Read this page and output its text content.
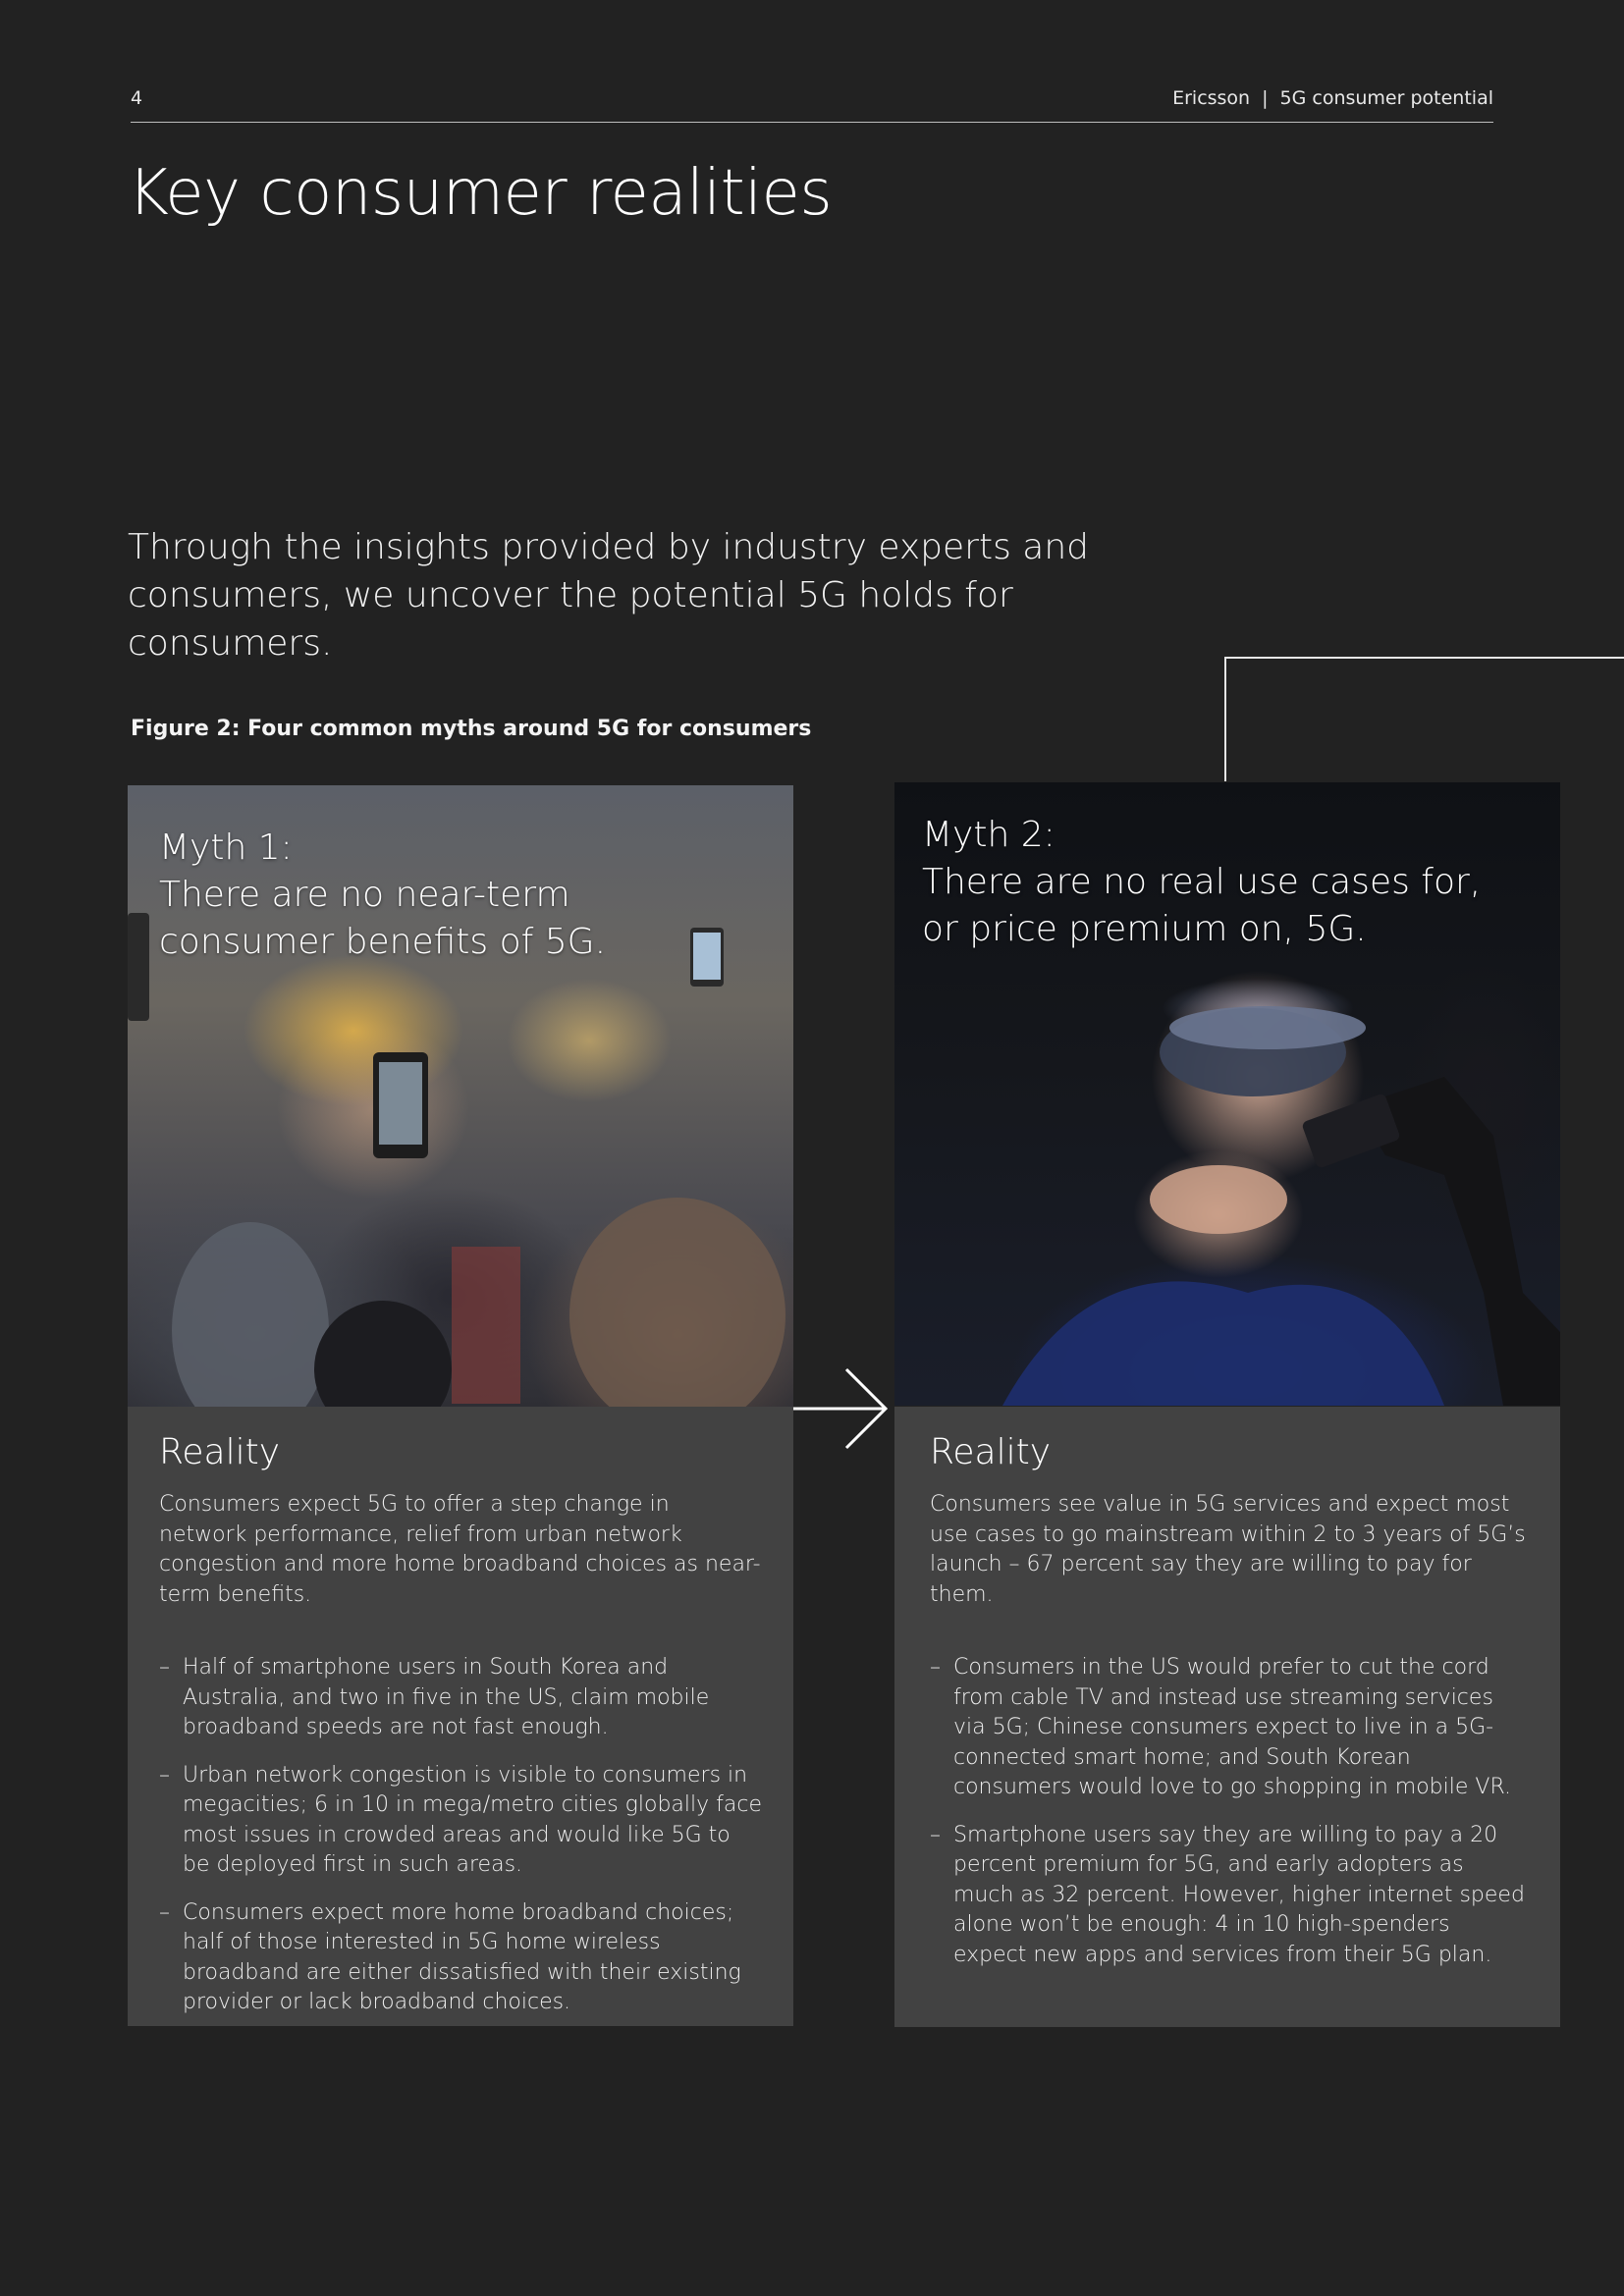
4	Ericsson | 5G consumer potential
Key consumer realities
Through the insights provided by industry experts and consumers, we uncover the potential 5G holds for consumers.
Figure 2: Four common myths around 5G for consumers
Myth 1:
There are no near-term
consumer benefits of 5G.
Reality

Consumers expect 5G to offer a step change in network performance, relief from urban network congestion and more home broadband choices as near-term benefits.

– Half of smartphone users in South Korea and Australia, and two in five in the US, claim mobile broadband speeds are not fast enough.
– Urban network congestion is visible to consumers in megacities; 6 in 10 in mega/metro cities globally face most issues in crowded areas and would like 5G to be deployed first in such areas.
– Consumers expect more home broadband choices; half of those interested in 5G home wireless broadband are either dissatisfied with their existing provider or lack broadband choices.
Myth 2:
There are no real use cases for,
or price premium on, 5G.
Reality

Consumers see value in 5G services and expect most use cases to go mainstream within 2 to 3 years of 5G’s launch – 67 percent say they are willing to pay for them.

– Consumers in the US would prefer to cut the cord from cable TV and instead use streaming services via 5G; Chinese consumers expect to live in a 5G-connected smart home; and South Korean consumers would love to go shopping in mobile VR.
– Smartphone users say they are willing to pay a 20 percent premium for 5G, and early adopters as much as 32 percent. However, higher internet speed alone won’t be enough: 4 in 10 high-spenders expect new apps and services from their 5G plan.
